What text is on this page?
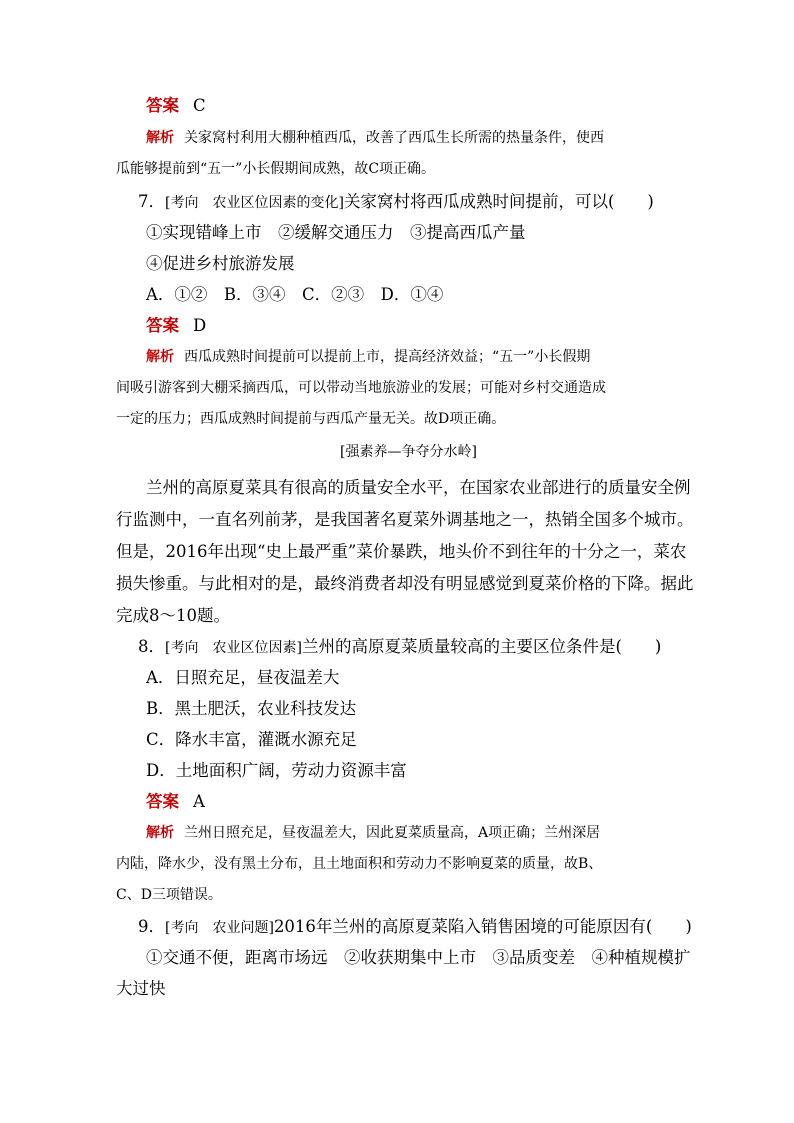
答案 C
解析 关家窝村利用大棚种植西瓜，改善了西瓜生长所需的热量条件，使西
瓜能够提前到“五一”小长假期间成熟，故C项正确。
7．[考向　农业区位因素的变化]关家窝村将西瓜成熟时间提前，可以(　　)
①实现错峰上市　②缓解交通压力　③提高西瓜产量
④促进乡村旅游发展
A．①②　B．③④　C．②③　D．①④
答案 D
解析 西瓜成熟时间提前可以提前上市，提高经济效益；“五一”小长假期
间吸引游客到大棚采摘西瓜，可以带动当地旅游业的发展；可能对乡村交通造成
一定的压力；西瓜成熟时间提前与西瓜产量无关。故D项正确。
[强素养—争夺分水岭]
兰州的高原夏菜具有很高的质量安全水平，在国家农业部进行的质量安全例
行监测中，一直名列前茅，是我国著名夏菜外调基地之一，热销全国多个城市。
但是，2016年出现“史上最严重”菜价暴跌，地头价不到往年的十分之一，菜农
损失惨重。与此相对的是，最终消费者却没有明显感觉到夏菜价格的下降。据此
完成8～10题。
8．[考向　农业区位因素]兰州的高原夏菜质量较高的主要区位条件是(　　)
A．日照充足，昼夜温差大
B．黑土肥沃，农业科技发达
C．降水丰富，灌溉水源充足
D．土地面积广阔，劳动力资源丰富
答案 A
解析 兰州日照充足，昼夜温差大，因此夏菜质量高，A项正确；兰州深居
内陆，降水少，没有黑土分布，且土地面积和劳动力不影响夏菜的质量，故B、
C、D三项错误。
9．[考向　农业问题]2016年兰州的高原夏菜陷入销售困境的可能原因有(　　)
①交通不便，距离市场远　②收获期集中上市　③品质变差　④种植规模扩
大过快
